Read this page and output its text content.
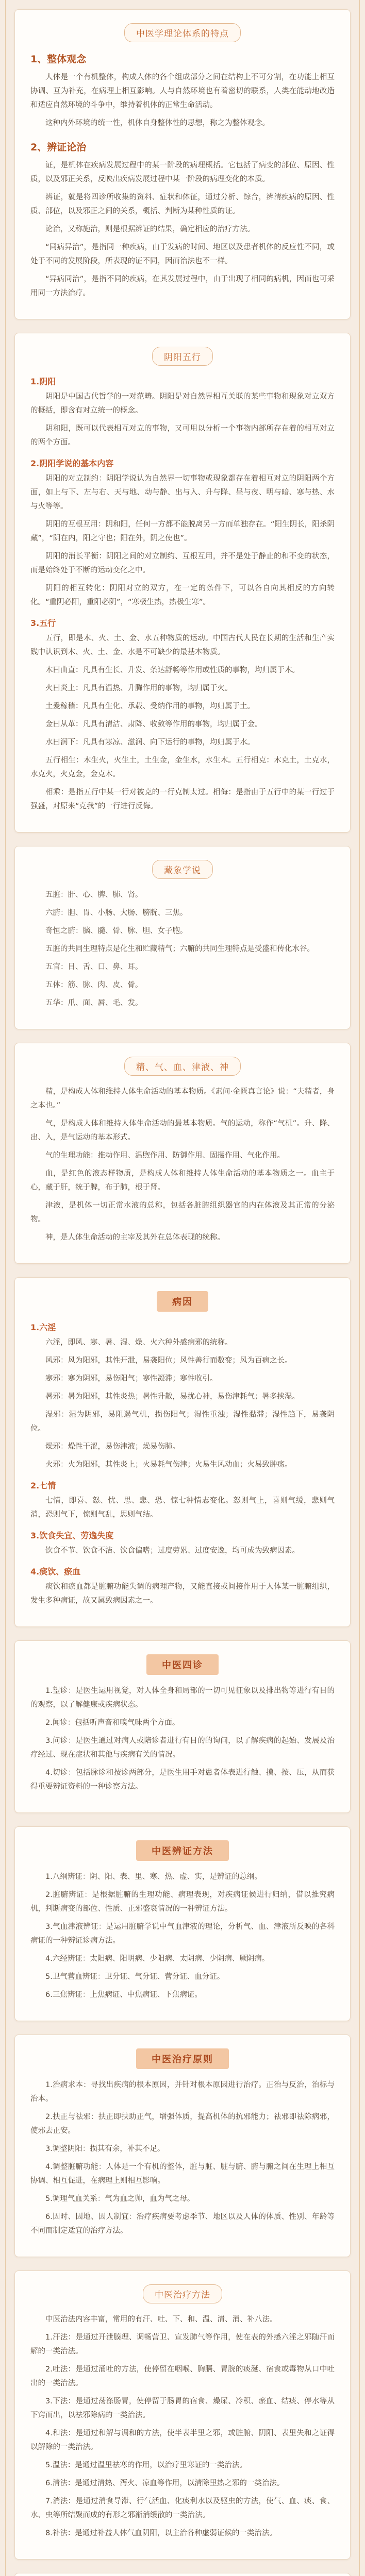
中医学理论体系的特点
1、整体观念
人体是一个有机整体，构成人体的各个组成部分之间在结构上不可分割，在功能上相互协调、互为补充，在病理上相互影响。人与自然环境也有着密切的联系，人类在能动地改造和适应自然环境的斗争中，维持着机体的正常生命活动。
这种内外环境的统一性，机体自身整体性的思想，称之为整体观念。
2、辨证论治
证，是机体在疾病发展过程中的某一阶段的病理概括。它包括了病变的部位、原因、性质，以及邪正关系，反映出疾病发展过程中某一阶段的病理变化的本质。
辨证，就是将四诊所收集的资料、症状和体征，通过分析、综合，辨清疾病的原因、性质、部位，以及邪正之间的关系，概括、判断为某种性质的证。
论治，又称施治，则是根据辨证的结果，确定相应的治疗方法。
“同病异治”，是指同一种疾病，由于发病的时间、地区以及患者机体的反应性不同，或处于不同的发展阶段，所表现的证不同，因而治法也不一样。
“异病同治”，是指不同的疾病，在其发展过程中，由于出现了相同的病机，因而也可采用同一方法治疗。
阴阳五行
1.阴阳
阴阳是中国古代哲学的一对范畴。阴阳是对自然界相互关联的某些事物和现象对立双方的概括，即含有对立统一的概念。
阴和阳，既可以代表相互对立的事物，又可用以分析一个事物内部所存在着的相互对立的两个方面。
2.阴阳学说的基本内容
阴阳的对立制约：阴阳学说认为自然界一切事物或现象都存在着相互对立的阴阳两个方面，如上与下、左与右、天与地、动与静、出与入、升与降、昼与夜、明与暗、寒与热、水与火等等。
阴阳的互根互用：阴和阳，任何一方都不能脱离另一方而单独存在。“阳生阴长，阳杀阴藏”，“阴在内，阳之守也；阳在外，阴之使也”。
阴阳的消长平衡：阴阳之间的对立制约、互根互用，并不是处于静止的和不变的状态，而是始终处于不断的运动变化之中。
阴阳的相互转化：阴阳对立的双方，在一定的条件下，可以各自向其相反的方向转化。“重阴必阳，重阳必阴”，“寒极生热，热极生寒”。
3.五行
五行，即是木、火、土、金、水五种物质的运动。中国古代人民在长期的生活和生产实践中认识到木、火、土、金、水是不可缺少的最基本物质。
木曰曲直：凡具有生长、升发、条达舒畅等作用或性质的事物，均归属于木。
火曰炎上：凡具有温热、升腾作用的事物，均归属于火。
土爰稼穑：凡具有生化、承载、受纳作用的事物，均归属于土。
金曰从革：凡具有清洁、肃降、收敛等作用的事物，均归属于金。
水曰润下：凡具有寒凉、滋润、向下运行的事物，均归属于水。
五行相生：木生火，火生土，土生金，金生水，水生木。五行相克：木克土，土克水，水克火，火克金，金克木。
相乘：是指五行中某一行对被克的一行克制太过。相侮：是指由于五行中的某一行过于强盛，对原来“克我”的一行进行反侮。
藏象学说
五脏：肝、心、脾、肺、肾。
六腑：胆、胃、小肠、大肠、膀胱、三焦。
奇恒之腑：脑、髓、骨、脉、胆、女子胞。
五脏的共同生理特点是化生和贮藏精气；六腑的共同生理特点是受盛和传化水谷。
五官：目、舌、口、鼻、耳。
五体：筋、脉、肉、皮、骨。
五华：爪、面、唇、毛、发。
精、气、血、津液、神
精，是构成人体和维持人体生命活动的基本物质。《素问·金匮真言论》说：“夫精者，身之本也。”
气，是构成人体和维持人体生命活动的最基本物质。气的运动，称作“气机”。升、降、出、入，是气运动的基本形式。
气的生理功能：推动作用、温煦作用、防御作用、固摄作用、气化作用。
血，是红色的液态样物质，是构成人体和维持人体生命活动的基本物质之一。血主于心，藏于肝，统于脾，布于肺，根于肾。
津液，是机体一切正常水液的总称，包括各脏腑组织器官的内在体液及其正常的分泌物。
神，是人体生命活动的主宰及其外在总体表现的统称。
病因
1.六淫
六淫，即风、寒、暑、湿、燥、火六种外感病邪的统称。
风邪：风为阳邪，其性开泄，易袭阳位；风性善行而数变；风为百病之长。
寒邪：寒为阴邪，易伤阳气；寒性凝滞；寒性收引。
暑邪：暑为阳邪，其性炎热；暑性升散，易扰心神，易伤津耗气；暑多挟湿。
湿邪：湿为阴邪，易阻遏气机，损伤阳气；湿性重浊；湿性黏滞；湿性趋下，易袭阴位。
燥邪：燥性干涩，易伤津液；燥易伤肺。
火邪：火为阳邪，其性炎上；火易耗气伤津；火易生风动血；火易致肿疡。
2.七情
七情，即喜、怒、忧、思、悲、恐、惊七种情志变化。怒则气上，喜则气缓，悲则气消，恐则气下，惊则气乱，思则气结。
3.饮食失宜、劳逸失度
饮食不节、饮食不洁、饮食偏嗜；过度劳累、过度安逸，均可成为致病因素。
4.痰饮、瘀血
痰饮和瘀血都是脏腑功能失调的病理产物，又能直接或间接作用于人体某一脏腑组织，发生多种病证，故又属致病因素之一。
中医四诊
1.望诊：是医生运用视觉，对人体全身和局部的一切可见征象以及排出物等进行有目的的观察，以了解健康或疾病状态。
2.闻诊：包括听声音和嗅气味两个方面。
3.问诊：是医生通过对病人或陪诊者进行有目的的询问，以了解疾病的起始、发展及治疗经过、现在症状和其他与疾病有关的情况。
4.切诊：包括脉诊和按诊两部分，是医生用手对患者体表进行触、摸、按、压，从而获得重要辨证资料的一种诊察方法。
中医辨证方法
1.八纲辨证：阴、阳、表、里、寒、热、虚、实，是辨证的总纲。
2.脏腑辨证：是根据脏腑的生理功能、病理表现，对疾病证候进行归纳，借以推究病机，判断病变的部位、性质、正邪盛衰情况的一种辨证方法。
3.气血津液辨证：是运用脏腑学说中气血津液的理论，分析气、血、津液所反映的各科病证的一种辨证诊病方法。
4.六经辨证：太阳病、阳明病、少阳病、太阴病、少阴病、厥阴病。
5.卫气营血辨证：卫分证、气分证、营分证、血分证。
6.三焦辨证：上焦病证、中焦病证、下焦病证。
中医治疗原则
1.治病求本：寻找出疾病的根本原因，并针对根本原因进行治疗。正治与反治，治标与治本。
2.扶正与祛邪：扶正即扶助正气，增强体质，提高机体的抗邪能力；祛邪即祛除病邪，使邪去正安。
3.调整阴阳：损其有余，补其不足。
4.调整脏腑功能：人体是一个有机的整体，脏与脏、脏与腑、腑与腑之间在生理上相互协调、相互促进，在病理上则相互影响。
5.调理气血关系：气为血之帅，血为气之母。
6.因时、因地、因人制宜：治疗疾病要考虑季节、地区以及人体的体质、性别、年龄等不同而制定适宜的治疗方法。
中医治疗方法
中医治法内容丰富，常用的有汗、吐、下、和、温、清、消、补八法。
1.汗法：是通过开泄腠理、调畅营卫、宣发肺气等作用，使在表的外感六淫之邪随汗而解的一类治法。
2.吐法：是通过涌吐的方法，使停留在咽喉、胸膈、胃脘的痰涎、宿食或毒物从口中吐出的一类治法。
3.下法：是通过荡涤肠胃，使停留于肠胃的宿食、燥屎、冷积、瘀血、结痰、停水等从下窍而出，以祛邪除病的一类治法。
4.和法：是通过和解与调和的方法，使半表半里之邪，或脏腑、阴阳、表里失和之证得以解除的一类治法。
5.温法：是通过温里祛寒的作用，以治疗里寒证的一类治法。
6.清法：是通过清热、泻火、凉血等作用，以清除里热之邪的一类治法。
7.消法：是通过消食导滞、行气活血、化痰利水以及驱虫的方法，使气、血、痰、食、水、虫等所结聚而成的有形之邪渐消缓散的一类治法。
8.补法：是通过补益人体气血阴阳，以主治各种虚弱证候的一类治法。
